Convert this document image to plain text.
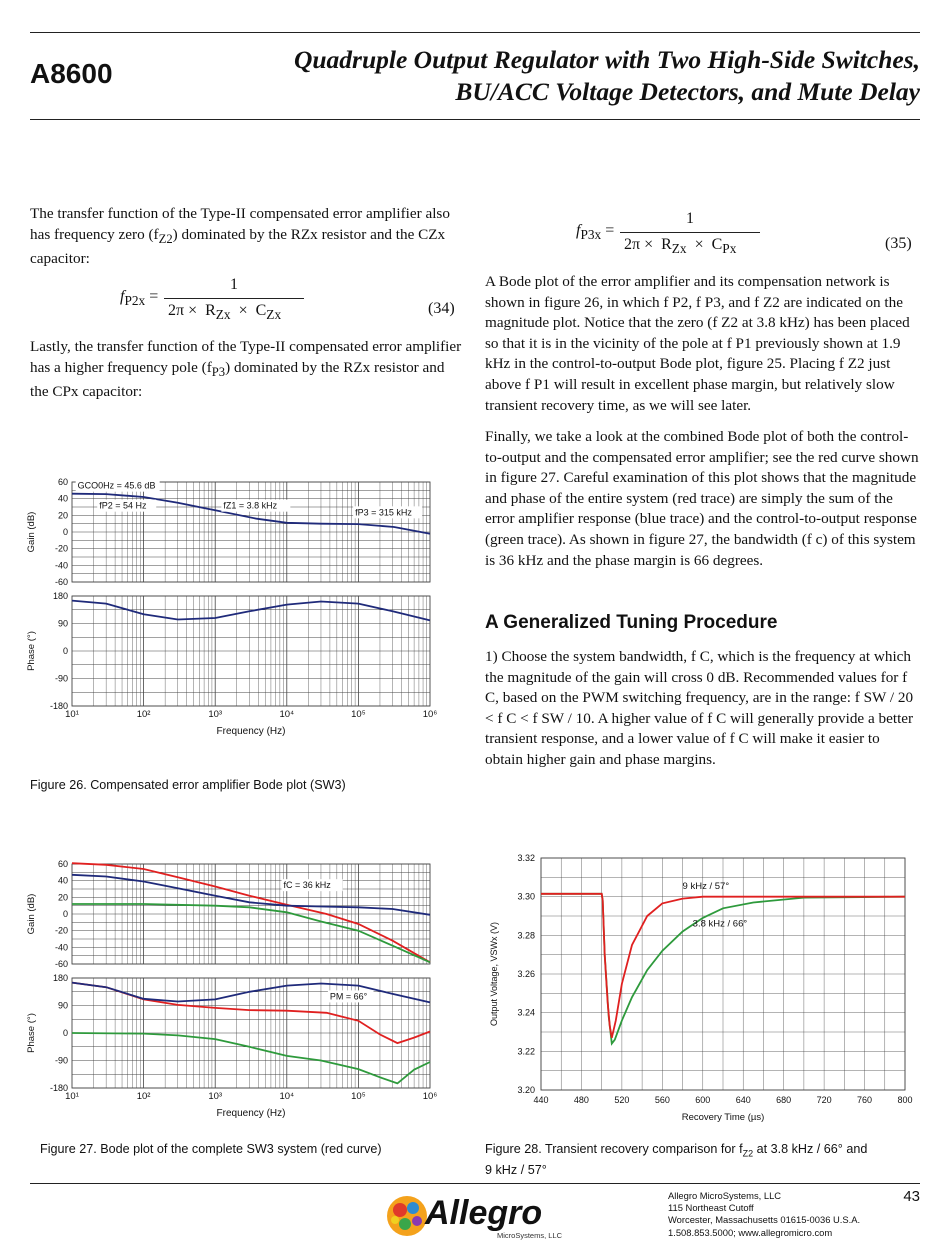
A8600	Quadruple Output Regulator with Two High-Side Switches,
BU/ACC Voltage Detectors, and Mute Delay

The transfer function of the Type-II compensated error amplifier also has frequency zero $(f_{Z2})$ dominated by the RZx resistor and the CZx capacitor:

$f_{P2x}$ =
1
$2\pi \times R_{Zx} \times C_{Zx}$	(34)

Lastly, the transfer function of the Type-II compensated error amplifier has a higher frequency pole $(f_{P3})$ dominated by the RZx resistor and the CPx capacitor:

$f_{P3x}$ =
1
$2\pi \times R_{Zx} \times C_{Px}$	(35)

A Bode plot of the error amplifier and its compensation network is shown in figure 26, in which f P2, f P3, and f Z2 are indicated on the magnitude plot. Notice that the zero (f Z2 at 3.8 kHz) has been placed so that it is in the vicinity of the pole at f P1 previously shown at 1.9 kHz in the control-to-output Bode plot, figure 25. Placing f Z2 just above f P1 will result in excellent phase margin, but relatively slow transient recovery time, as we will see later.

Finally, we take a look at the combined Bode plot of both the control-to-output and the compensated error amplifier; see the red curve shown in figure 27. Careful examination of this plot shows that the magnitude and phase of the entire system (red trace) are simply the sum of the error amplifier response (blue trace) and the control-to-output response (green trace). As shown in figure 27, the bandwidth (f c) of this system is 36 kHz and the phase margin is 66 degrees.

A Generalized Tuning Procedure

1) Choose the system bandwidth, f C, which is the frequency at which the magnitude of the gain will cross 0 dB. Recommended values for f C, based on the PWM switching frequency, are in the range: f SW / 20 < f C < f SW / 10. A higher value of f C will generally provide a better transient response, and a lower value of f C will make it easier to obtain higher gain and phase margins.

60
40
20
0
-20
-40
-60
Gain (dB)
180
90
0
-90
-180
Phase (°)
10¹	10²	10³	10⁴	10⁵	10⁶
Frequency (Hz)
GCO0Hz = 45.6 dB
fP2 = 54 Hz	fZ1 = 3.8 kHz
fP3 = 315 kHz
Figure 26. Compensated error amplifier Bode plot (SW3)
60
40
20
0
-20
-40
-60
Gain (dB)
180
90
0
-90
-180
Phase (°)
10¹	10²	10³	10⁴	10⁵	10⁶
Frequency (Hz)
fC = 36 kHz
PM = 66°
Figure 27. Bode plot of the complete SW3 system (red curve)
440	480	520	560	600	640	680	720	760	800
3.32
3.30
3.28
3.26
3.24
3.22
3.20
Recovery Time (µs)
Output Voltage, VSWx (V)
9 kHz / 57°
3.8 kHz / 66°
Figure 28. Transient recovery comparison for $f_{Z2}$ at 3.8 kHz / 66° and
9 kHz / 57°
Allegro
MicroSystems, LLC
Allegro MicroSystems, LLC
115 Northeast Cutoff
Worcester, Massachusetts 01615-0036 U.S.A.
1.508.853.5000; www.allegromicro.com
43
